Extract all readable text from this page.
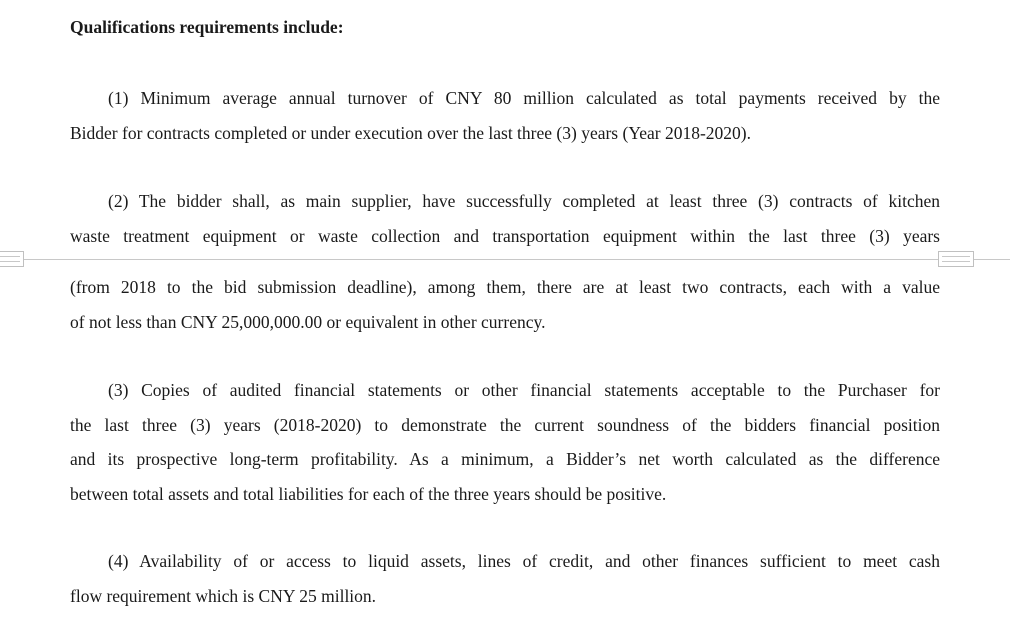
Qualifications requirements include:
(1) Minimum average annual turnover of CNY 80 million calculated as total payments received by the
Bidder for contracts completed or under execution over the last three (3) years (Year 2018-2020).
(2) The bidder shall, as main supplier, have successfully completed at least three (3) contracts of kitchen
waste treatment equipment or waste collection and transportation equipment within the last three (3) years
(from 2018 to the bid submission deadline), among them, there are at least two contracts, each with a value
of not less than CNY 25,000,000.00 or equivalent in other currency.
(3) Copies of audited financial statements or other financial statements acceptable to the Purchaser for
the last three (3) years (2018-2020) to demonstrate the current soundness of the bidders financial position
and its prospective long-term profitability. As a minimum, a Bidder’s net worth calculated as the difference
between total assets and total liabilities for each of the three years should be positive.
(4) Availability of or access to liquid assets, lines of credit, and other finances sufficient to meet cash
flow requirement which is CNY 25 million.
